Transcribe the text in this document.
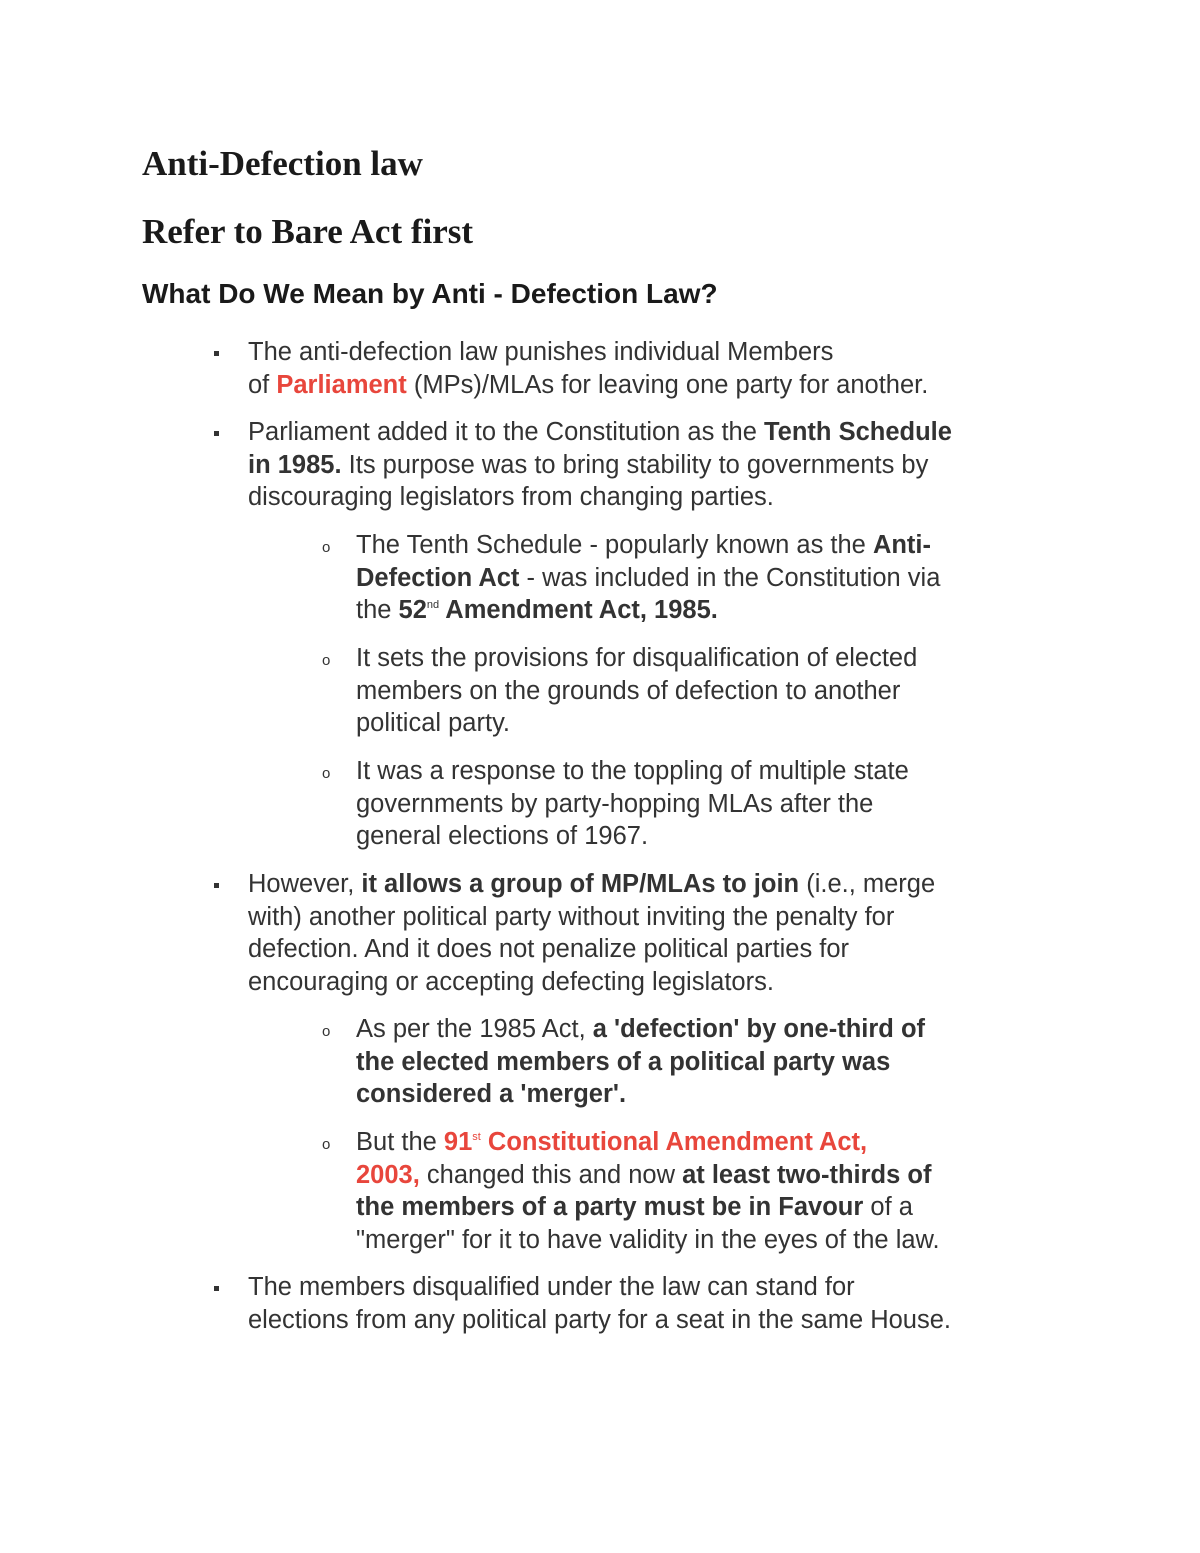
Anti-Defection law
Refer to Bare Act first
What Do We Mean by Anti - Defection Law?
The anti-defection law punishes individual Members
of Parliament (MPs)/MLAs for leaving one party for another.
Parliament added it to the Constitution as the Tenth Schedule
in 1985. Its purpose was to bring stability to governments by
discouraging legislators from changing parties.
o The Tenth Schedule - popularly known as the Anti-
Defection Act - was included in the Constitution via
the 52nd Amendment Act, 1985.
o It sets the provisions for disqualification of elected
members on the grounds of defection to another
political party.
o It was a response to the toppling of multiple state
governments by party-hopping MLAs after the
general elections of 1967.
However, it allows a group of MP/MLAs to join (i.e., merge
with) another political party without inviting the penalty for
defection. And it does not penalize political parties for
encouraging or accepting defecting legislators.
o As per the 1985 Act, a 'defection' by one-third of
the elected members of a political party was
considered a 'merger'.
o But the 91st Constitutional Amendment Act,
2003, changed this and now at least two-thirds of
the members of a party must be in Favour of a
"merger" for it to have validity in the eyes of the law.
The members disqualified under the law can stand for
elections from any political party for a seat in the same House.
